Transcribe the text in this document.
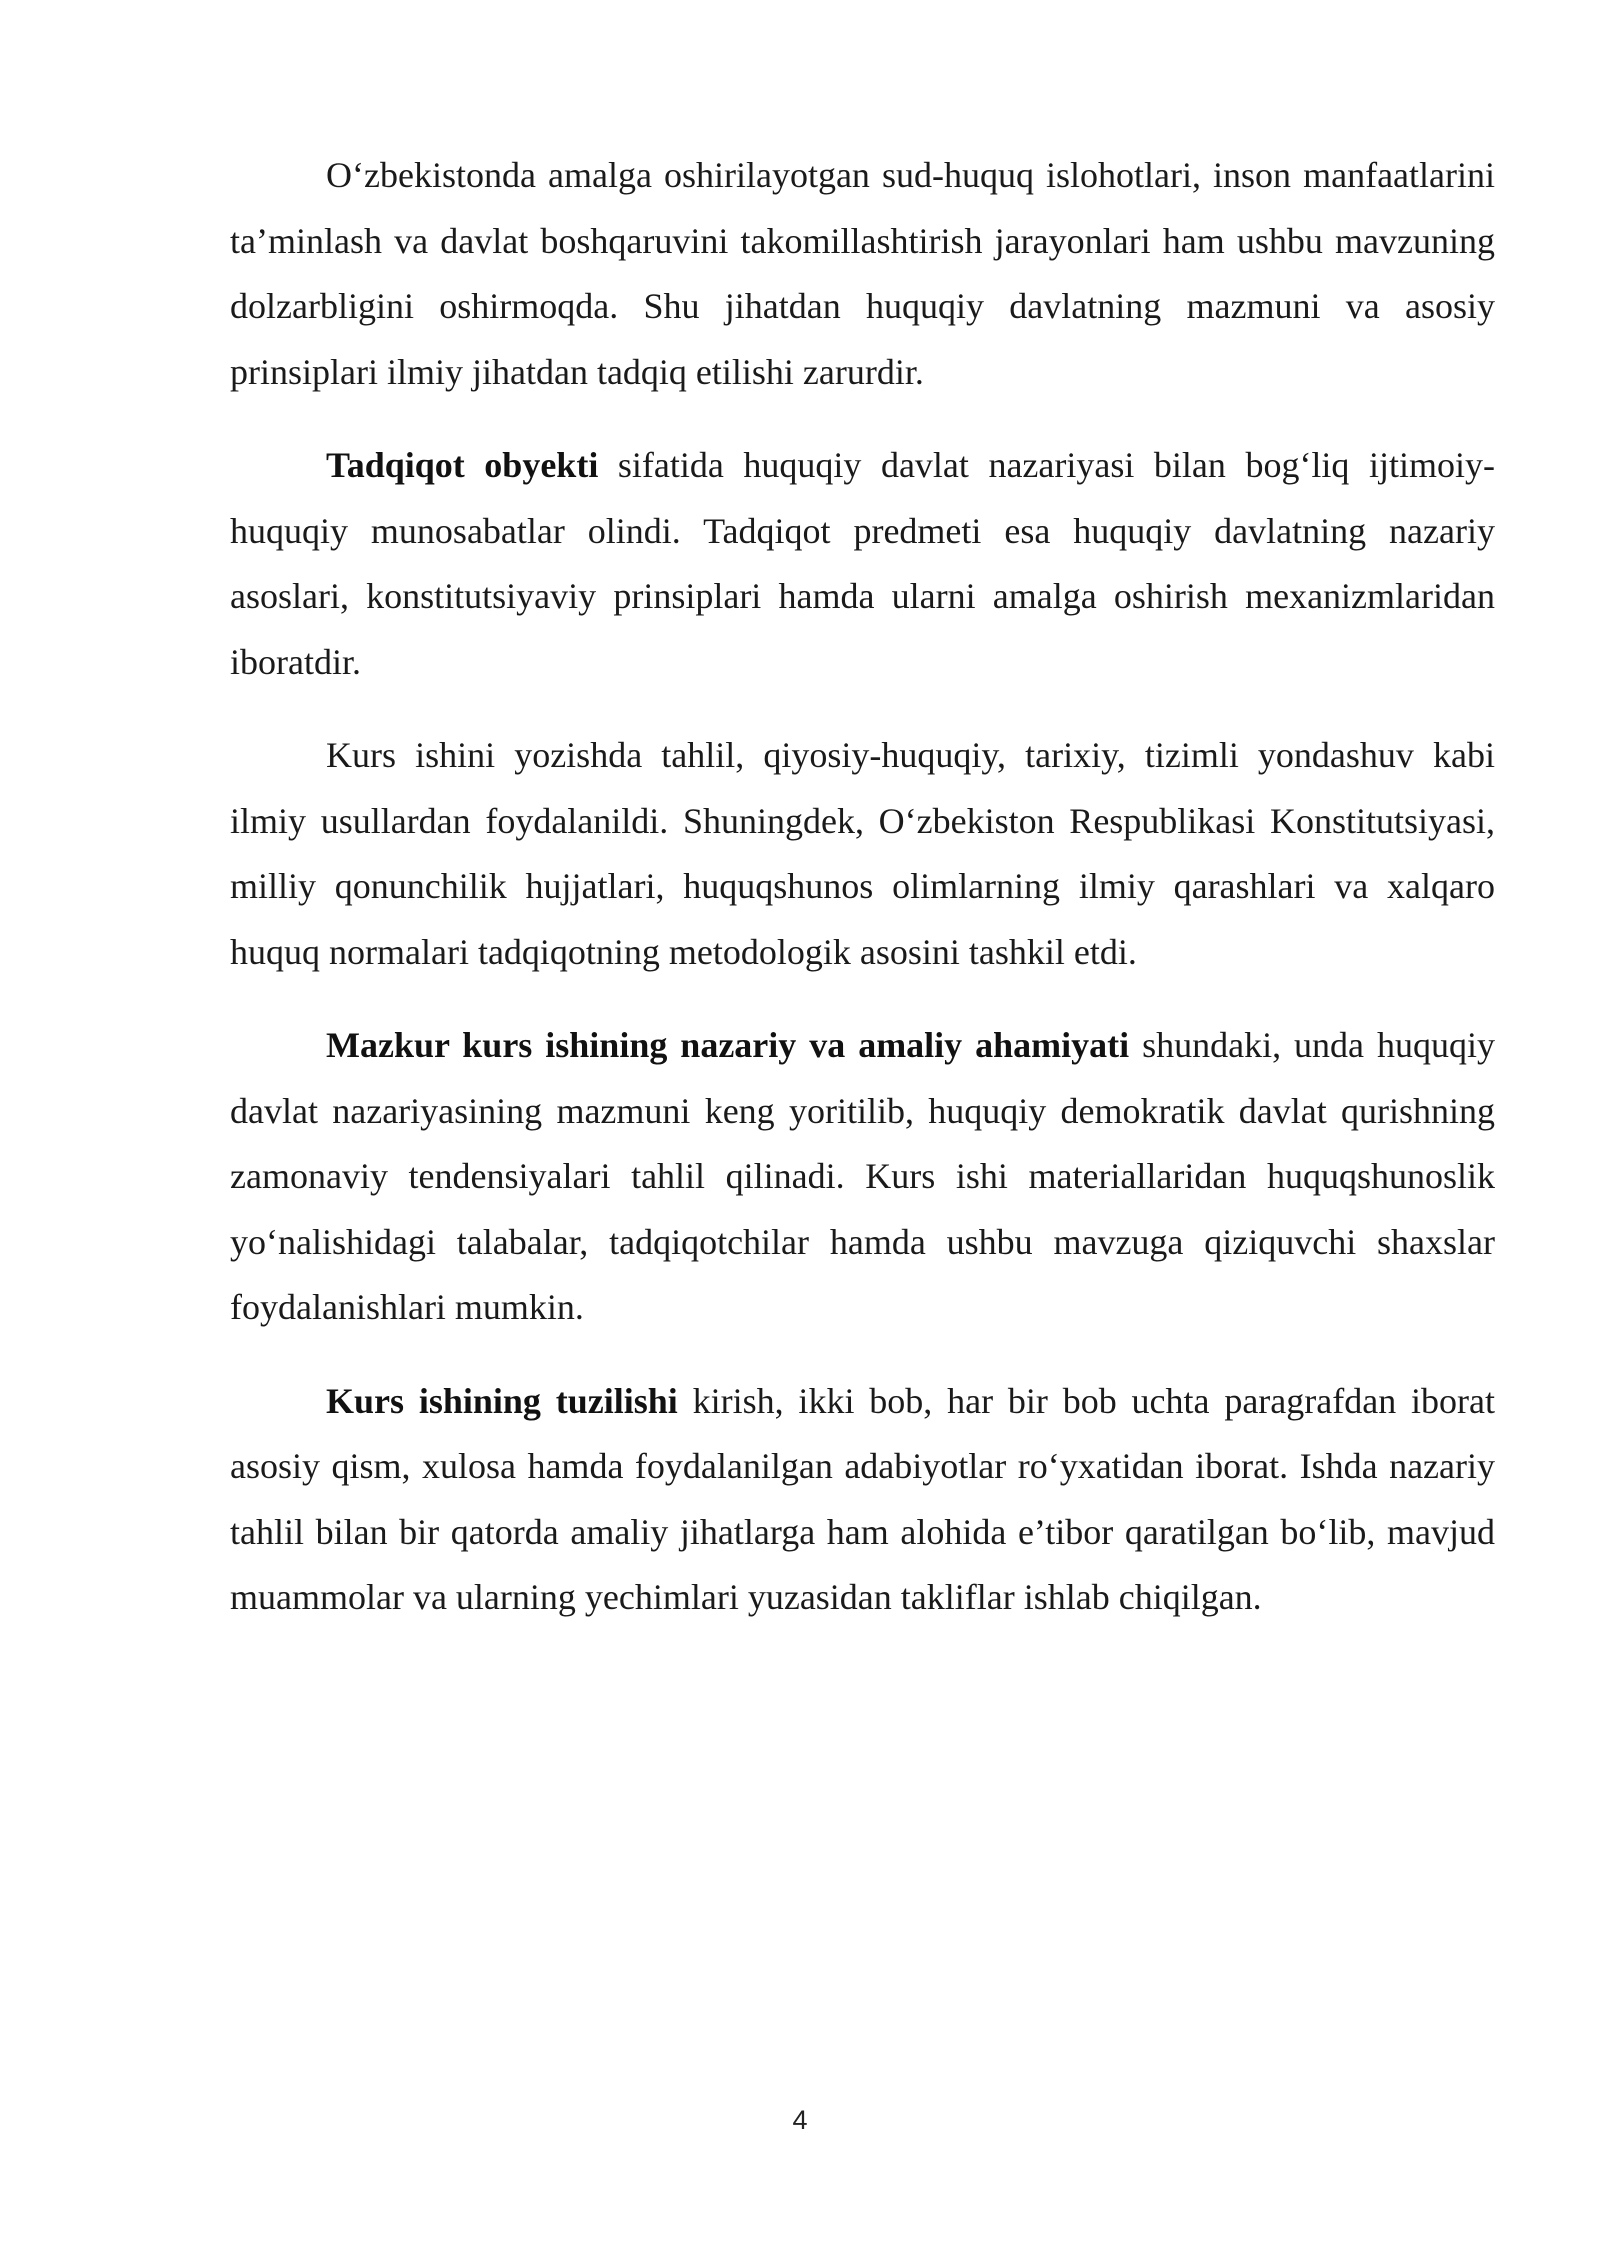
O‘zbekistonda amalga oshirilayotgan sud-huquq islohotlari, inson manfaatlarini ta’minlash va davlat boshqaruvini takomillashtirish jarayonlari ham ushbu mavzuning dolzarbligini oshirmoqda. Shu jihatdan huquqiy davlatning mazmuni va asosiy prinsiplari ilmiy jihatdan tadqiq etilishi zarurdir.

Tadqiqot obyekti sifatida huquqiy davlat nazariyasi bilan bog‘liq ijtimoiy-huquqiy munosabatlar olindi. Tadqiqot predmeti esa huquqiy davlatning nazariy asoslari, konstitutsiyaviy prinsiplari hamda ularni amalga oshirish mexanizmlaridan iboratdir.

Kurs ishini yozishda tahlil, qiyosiy-huquqiy, tarixiy, tizimli yondashuv kabi ilmiy usullardan foydalanildi. Shuningdek, O‘zbekiston Respublikasi Konstitutsiyasi, milliy qonunchilik hujjatlari, huquqshunos olimlarning ilmiy qarashlari va xalqaro huquq normalari tadqiqotning metodologik asosini tashkil etdi.

Mazkur kurs ishining nazariy va amaliy ahamiyati shundaki, unda huquqiy davlat nazariyasining mazmuni keng yoritilib, huquqiy demokratik davlat qurishning zamonaviy tendensiyalari tahlil qilinadi. Kurs ishi materiallaridan huquqshunoslik yo‘nalishidagi talabalar, tadqiqotchilar hamda ushbu mavzuga qiziquvchi shaxslar foydalanishlari mumkin.

Kurs ishining tuzilishi kirish, ikki bob, har bir bob uchta paragrafdan iborat asosiy qism, xulosa hamda foydalanilgan adabiyotlar ro‘yxatidan iborat. Ishda nazariy tahlil bilan bir qatorda amaliy jihatlarga ham alohida e’tibor qaratilgan bo‘lib, mavjud muammolar va ularning yechimlari yuzasidan takliflar ishlab chiqilgan.

4
